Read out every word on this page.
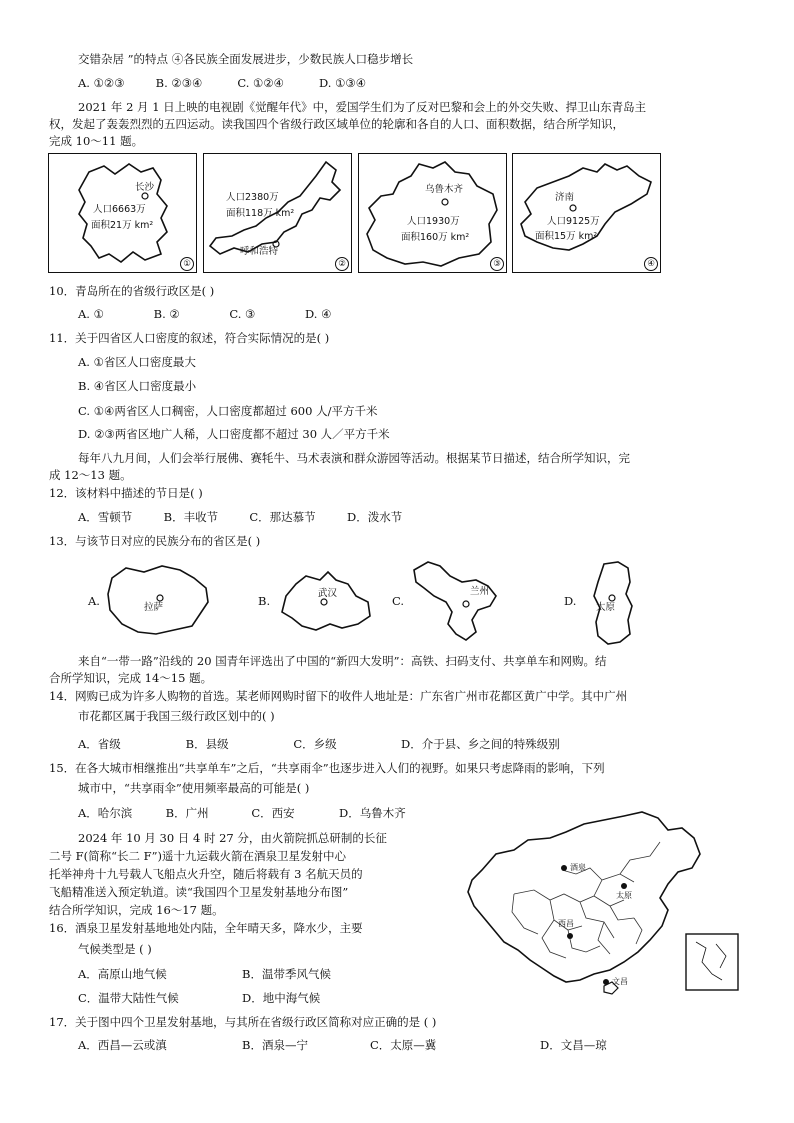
交错杂居 ”的特点 ④各民族全面发展进步，少数民族人口稳步增长
A. ①②③	B. ②③④	C. ①②④	D. ①③④
2021 年 2 月 1 日上映的电视剧《觉醒年代》中，爱国学生们为了反对巴黎和会上的外交失败、捍卫山东青岛主
权，发起了轰轰烈烈的五四运动。读我国四个省级行政区域单位的轮廓和各自的人口、面积数据，结合所学知识，
完成 10～11 题。
长沙
人口6663万
面积21万 km²
①
人口2380万
面积118万 km²
呼和浩特
②
乌鲁木齐
人口1930万
面积160万 km²
③
济南
人口9125万
面积15万 km²
④
10．青岛所在的省级行政区是( )
A. ①	B. ②	C. ③	D. ④
11．关于四省区人口密度的叙述，符合实际情况的是( )
A. ①省区人口密度最大
B. ④省区人口密度最小
C. ①④两省区人口稠密，人口密度都超过 600 人/平方千米
D. ②③两省区地广人稀，人口密度都不超过 30 人／平方千米
每年八九月间，人们会举行展佛、赛牦牛、马术表演和群众游园等活动。根据某节日描述，结合所学知识，完
成 12～13 题。
12．该材料中描述的节日是( )
A．雪顿节	B．丰收节	C．那达慕节	D．泼水节
13．与该节日对应的民族分布的省区是( )
A.	拉萨	B.
武汉
C.
兰州
D. 太原
来自“一带一路”沿线的 20 国青年评选出了中国的“新四大发明”：高铁、扫码支付、共享单车和网购。结
合所学知识，完成 14～15 题。
14．网购已成为许多人购物的首选。某老师网购时留下的收件人地址是：广东省广州市花都区黄广中学。其中广州
市花都区属于我国三级行政区划中的( )
A．省级	B．县级	C．乡级	D．介于县、乡之间的特殊级别
15．在各大城市相继推出“共享单车”之后，“共享雨伞”也逐步进入人们的视野。如果只考虑降雨的影响，下列
城市中，“共享雨伞”使用频率最高的可能是( )
A．哈尔滨	B．广州	C．西安	D．乌鲁木齐
2024 年 10 月 30 日 4 时 27 分，由火箭院抓总研制的长征
二号 F(简称“长二 F”)遥十九运载火箭在酒泉卫星发射中心
托举神舟十九号载人飞船点火升空，随后将载有 3 名航天员的
飞船精准送入预定轨道。读“我国四个卫星发射基地分布图”
结合所学知识，完成 16～17 题。
酒泉
太原
西昌
文昌
16．酒泉卫星发射基地地处内陆，全年晴天多，降水少，主要
气候类型是 ( )
A．高原山地气候	B．温带季风气候
C．温带大陆性气候	D．地中海气候
17．关于图中四个卫星发射基地，与其所在省级行政区简称对应正确的是 ( )
A．西昌—云或滇	B．酒泉—宁	C．太原—冀	D．文昌—琼
